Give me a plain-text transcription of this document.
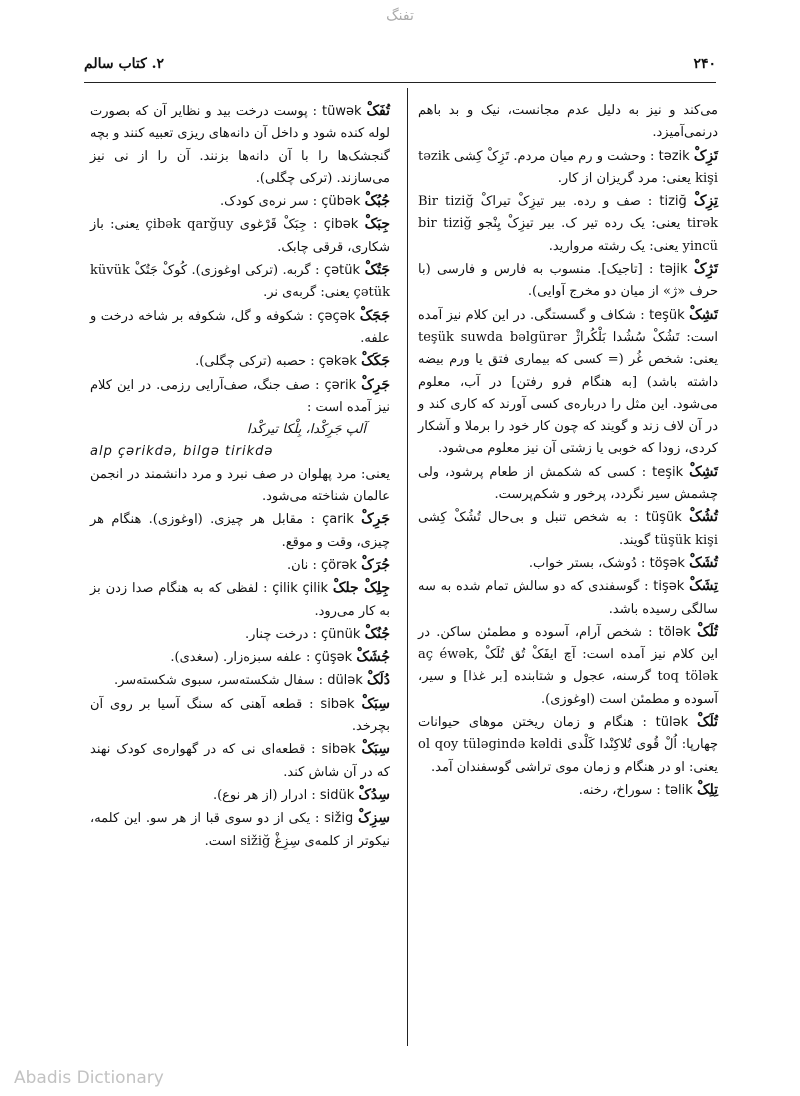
تفنگ
۲۴۰
۲. کتاب سالم

می‌کند و نیز به دلیل عدم مجانست، نیک و بد باهم درنمی‌آمیزد.

تَزِکْ tәzik : وحشت و رم میان مردم. تَزِکْ کِشی tәzik kişi یعنی: مرد گریزان از کار.

تِزِکْ tiziğ : صف و رده. بیر تیزِکْ تیراکْ Bir tiziğ tirәk یعنی: یک رده تیر ک. بیر تیزِکْ یِنْجو bir tiziğ yincü یعنی: یک رشته مروارید.

تَژِکْ tәjik : [تاجیک]. منسوب به فارس و فارسی (با حرف «ژ» از میان دو مخرج آوایی).

تَشِکْ teşük : شکاف و گسستگی. در این کلام نیز آمده است: تَشُکْ سُشُدا بَلْکُراژْ teşük suwda bәlgürәr یعنی: شخص غُر (= کسی که بیماری فتق یا ورم بیضه داشته باشد) [به هنگام فرو رفتن] در آب، معلوم می‌شود. این مثل را درباره‌ی کسی آورند که کاری کند و در آن لاف زند و گویند که چون کار خود را برملا و آشکار کردی، زودا که خوبی یا زشتی آن نیز معلوم می‌شود.

تَشِکْ teşik : کسی که شکمش از طعام پرشود، ولی چشمش سیر نگردد، پرخور و شکم‌پرست.

تُشُکْ tüşük : به شخص تنبل و بی‌حال تُشُکْ کِشی tüşük kişi گویند.

تُشَکْ töşәk : دُوشک، بستر خواب.

تِشَکْ tişәk : گوسفندی که دو سالش تمام شده به سه سالگی رسیده باشد.

تُلَکْ tölәk : شخص آرام، آسوده و مطمئن ساکن. در این کلام نیز آمده است: آچ ایفَکْ تُق تُلَکْ aç éwәk, toq tölәk گرسنه، عجول و شتابنده [بر غذا] و سیر، آسوده و مطمئن است (اوغوزی).

تُلَکْ tülәk : هنگام و زمان ریختن موهای حیوانات چهارپا: اُلْ قُوی تُلاکِنْدا کَلْدی ol qoy tülәgindә kәldi یعنی: او در هنگام و زمان موی تراشی گوسفندان آمد.

تِلِکْ tәlik : سوراخ، رخنه.

تُفَکْ tüwәk : پوست درخت بید و نظایر آن که بصورت لوله کنده شود و داخل آن دانه‌های ریزی تعبیه کنند و بچه گنجشک‌ها را با آن دانه‌ها بزنند. آن را از نی نیز می‌سازند. (ترکی چگلی).

جُبُکْ çübәk : سر نره‌ی کودک.

جِبَکْ çibәk : جِبَکْ قَرْغوی çibәk qarğuy یعنی: باز شکاری، قرقی چابک.

جَتُکْ çәtük : گربه. (ترکی اوغوزی). کُوکْ جَتُکْ küvük çәtük یعنی: گربه‌ی نر.

جَجَکْ çәçәk : شکوفه و گل، شکوفه بر شاخه درخت و علفه.

جَکَکْ çәkәk : حصبه (ترکی چگلی).

جَرِکْ çәrik : صف جنگ، صف‌آرایی رزمی. در این کلام نیز آمده است :

آلپ جَرِکْدا، بِلْکا تیرکْدا

alp çәrikdә, bilgә tirikdә

یعنی: مرد پهلوان در صف نبرد و مرد دانشمند در انجمن عالمان شناخته می‌شود.

جَرِکْ çarik : مقابل هر چیزی. (اوغوزی). هنگام هر چیزی، وقت و موقع.

جُرَکْ çörәk : نان.

جِلِکْ جلکْ çilik çilik : لفظی که به هنگام صدا زدن بز به کار می‌رود.

جُنُکْ çünük : درخت چنار.

جُشَکْ çüşәk : علفه سبزه‌زار. (سغدی).

دُلَکْ dülәk : سفال شکسته‌سر، سبوی شکسته‌سر.

سِبَکْ sibәk : قطعه آهنی که سنگ آسیا بر روی آن بچرخد.

سِبَکْ sibәk : قطعه‌ای نی که در گهواره‌ی کودک نهند که در آن شاش کند.

سِدُکْ sidük : ادرار (از هر نوع).

سِزِکْ sižig : یکی از دو سوی قبا از هر سو. این کلمه، نیکوتر از کلمه‌ی سِزِغْ sižiğ است.

Abadis Dictionary
